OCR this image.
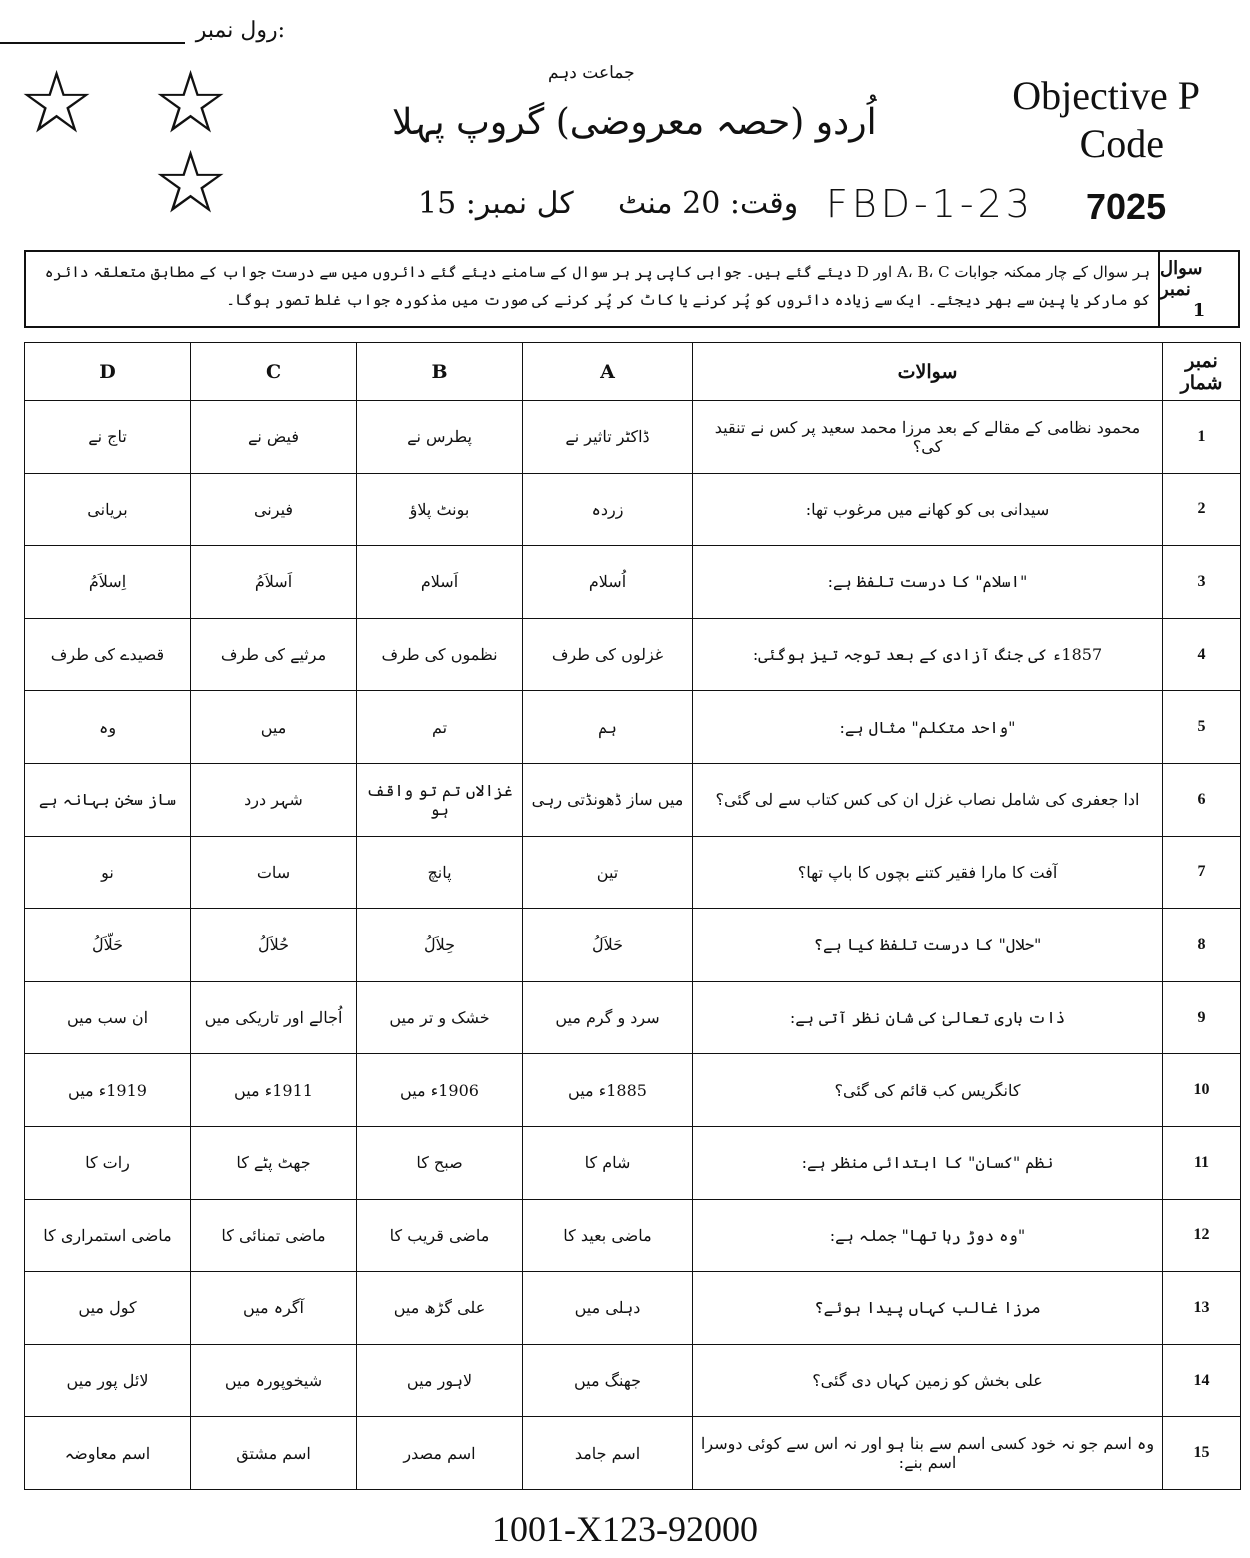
رول نمبر:
☆ ☆
☆
جماعت دہم
اُردو (حصہ معروضی) گروپ پہلا
Objective P
Code
کل نمبر: 15 وقت: 20 منٹ FBD-1-23 7025
ہر سوال کے چار ممکنہ جوابات A، B، C اور D دیئے گئے ہیں۔ جوابی کاپی پر ہر سوال کے سامنے دیئے گئے دائروں میں سے درست جواب کے مطابق متعلقہ دائرہ کو مارکر یا پین سے بھر دیجئے۔ ایک سے زیادہ دائروں کو پُر کرنے یا کاٹ کر پُر کرنے کی صورت میں مذکورہ جواب غلط تصور ہوگا۔
سوال نمبر
1
نمبر شمار	سوالات	A	B	C	D
1	محمود نظامی کے مقالے کے بعد مرزا محمد سعید پر کس نے تنقید کی؟	ڈاکٹر تاثیر نے	پطرس نے	فیض نے	تاج نے
2	سیدانی بی کو کھانے میں مرغوب تھا:	زردہ	بونٹ پلاؤ	فیرنی	بریانی
3	"اسلام" کا درست تلفظ ہے:	اُسلام	اَسلام	اَسلاَمُ	اِسلاَمُ
4	1857ء کی جنگ آزادی کے بعد توجہ تیز ہوگئی:	غزلوں کی طرف	نظموں کی طرف	مرثیے کی طرف	قصیدے کی طرف
5	"واحد متکلم" مثال ہے:	ہم	تم	میں	وہ
6	ادا جعفری کی شامل نصاب غزل ان کی کس کتاب سے لی گئی؟	میں ساز ڈھونڈتی رہی	غزالاں تم تو واقف ہو	شہر درد	ساز سخن بہانہ ہے
7	آفت کا مارا فقیر کتنے بچوں کا باپ تھا؟	تین	پانچ	سات	نو
8	"حلال" کا درست تلفظ کیا ہے؟	حَلاَلُ	حِلاَلُ	حُلاَلُ	حَلّاَلُ
9	ذات باری تعالیٰ کی شان نظر آتی ہے:	سرد و گرم میں	خشک و تر میں	اُجالے اور تاریکی میں	ان سب میں
10	کانگریس کب قائم کی گئی؟	1885ء میں	1906ء میں	1911ء میں	1919ء میں
11	نظم "کسان" کا ابتدائی منظر ہے:	شام کا	صبح کا	جھٹ پٹے کا	رات کا
12	"وہ دوڑ رہا تھا" جملہ ہے:	ماضی بعید کا	ماضی قریب کا	ماضی تمنائی کا	ماضی استمراری کا
13	مرزا غالب کہاں پیدا ہوئے؟	دہلی میں	علی گڑھ میں	آگرہ میں	کول میں
14	علی بخش کو زمین کہاں دی گئی؟	جھنگ میں	لاہور میں	شیخوپورہ میں	لائل پور میں
15	وہ اسم جو نہ خود کسی اسم سے بنا ہو اور نہ اس سے کوئی دوسرا اسم بنے:	اسم جامد	اسم مصدر	اسم مشتق	اسم معاوضہ
1001-X123-92000
